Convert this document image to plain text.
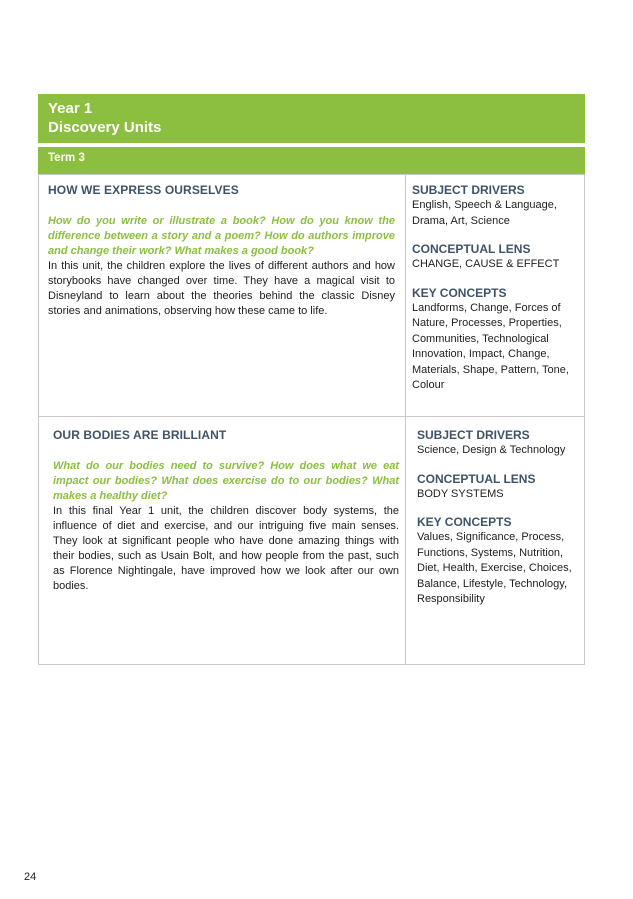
Year 1
Discovery Units
Term 3
HOW WE EXPRESS OURSELVES

How do you write or illustrate a book? How do you know the difference between a story and a poem? How do authors improve and change their work? What makes a good book?

In this unit, the children explore the lives of different authors and how storybooks have changed over time. They have a magical visit to Disneyland to learn about the theories behind the classic Disney stories and animations, observing how these came to life.

SUBJECT DRIVERS

English, Speech & Language, Drama, Art, Science

CONCEPTUAL LENS

CHANGE, CAUSE & EFFECT

KEY CONCEPTS

Landforms, Change, Forces of Nature, Processes, Properties, Communities, Technological Innovation, Impact, Change, Materials, Shape, Pattern, Tone, Colour

OUR BODIES ARE BRILLIANT

What do our bodies need to survive? How does what we eat impact our bodies? What does exercise do to our bodies? What makes a healthy diet?

In this final Year 1 unit, the children discover body systems, the influence of diet and exercise, and our intriguing five main senses. They look at significant people who have done amazing things with their bodies, such as Usain Bolt, and how people from the past, such as Florence Nightingale, have improved how we look after our own bodies.

SUBJECT DRIVERS

Science, Design & Technology

CONCEPTUAL LENS

BODY SYSTEMS

KEY CONCEPTS

Values, Significance, Process, Functions, Systems, Nutrition, Diet, Health, Exercise, Choices, Balance, Lifestyle, Technology, Responsibility

24
